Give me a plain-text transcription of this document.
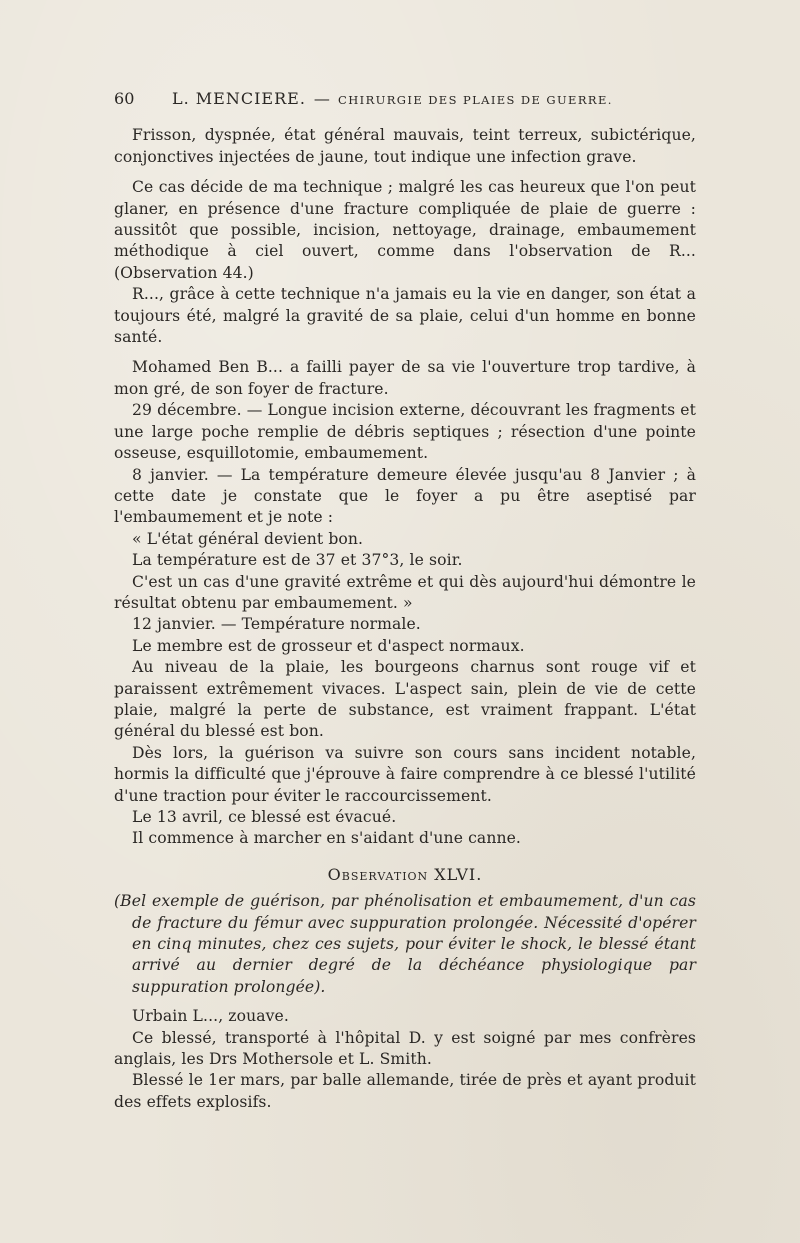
60	L. MENCIERE. — CHIRURGIE DES PLAIES DE GUERRE.

Frisson, dyspnée, état général mauvais, teint terreux, subictérique, conjonctives injectées de jaune, tout indique une infection grave.

Ce cas décide de ma technique ; malgré les cas heureux que l'on peut glaner, en présence d'une fracture compliquée de plaie de guerre : aussitôt que possible, incision, nettoyage, drainage, embaumement méthodique à ciel ouvert, comme dans l'observation de R... (Observation 44.)

R..., grâce à cette technique n'a jamais eu la vie en danger, son état a toujours été, malgré la gravité de sa plaie, celui d'un homme en bonne santé.

Mohamed Ben B... a failli payer de sa vie l'ouverture trop tardive, à mon gré, de son foyer de fracture.

29 décembre. — Longue incision externe, découvrant les fragments et une large poche remplie de débris septiques ; résection d'une pointe osseuse, esquillotomie, embaumement.

8 janvier. — La température demeure élevée jusqu'au 8 Janvier ; à cette date je constate que le foyer a pu être aseptisé par l'embaumement et je note :

« L'état général devient bon.

La température est de 37 et 37°3, le soir.

C'est un cas d'une gravité extrême et qui dès aujourd'hui démontre le résultat obtenu par embaumement. »

12 janvier. — Température normale.

Le membre est de grosseur et d'aspect normaux.

Au niveau de la plaie, les bourgeons charnus sont rouge vif et paraissent extrêmement vivaces. L'aspect sain, plein de vie de cette plaie, malgré la perte de substance, est vraiment frappant. L'état général du blessé est bon.

Dès lors, la guérison va suivre son cours sans incident notable, hormis la difficulté que j'éprouve à faire comprendre à ce blessé l'utilité d'une traction pour éviter le raccourcissement.

Le 13 avril, ce blessé est évacué.

Il commence à marcher en s'aidant d'une canne.

Observation XLVI.

(Bel exemple de guérison, par phénolisation et embaumement, d'un cas de fracture du fémur avec suppuration prolongée. Nécessité d'opérer en cinq minutes, chez ces sujets, pour éviter le shock, le blessé étant arrivé au dernier degré de la déchéance physiologique par suppuration prolongée).

Urbain L..., zouave.

Ce blessé, transporté à l'hôpital D. y est soigné par mes confrères anglais, les Drs Mothersole et L. Smith.

Blessé le 1er mars, par balle allemande, tirée de près et ayant produit des effets explosifs.
